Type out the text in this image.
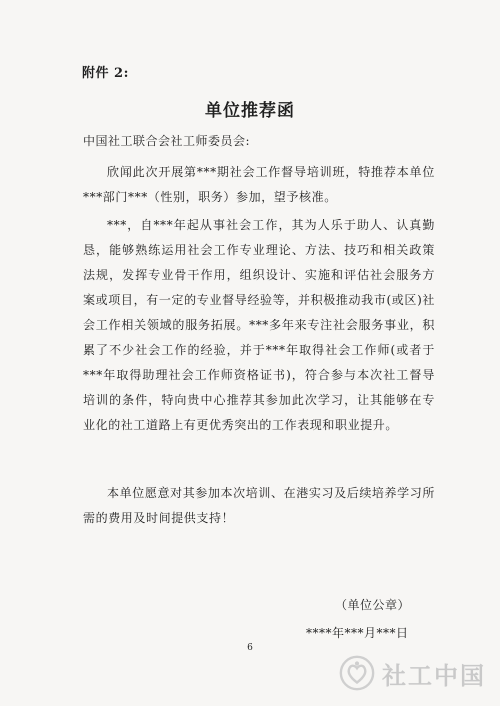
附件 2:
单位推荐函
中国社工联合会社工师委员会:

欣闻此次开展第***期社会工作督导培训班，特推荐本单位***部门***（性别，职务）参加，望予核准。

***，自***年起从事社会工作，其为人乐于助人、认真勤恳，能够熟练运用社会工作专业理论、方法、技巧和相关政策法规，发挥专业骨干作用，组织设计、实施和评估社会服务方案或项目，有一定的专业督导经验等，并积极推动我市(或区)社会工作相关领域的服务拓展。***多年来专注社会服务事业，积累了不少社会工作的经验，并于***年取得社会工作师(或者于***年取得助理社会工作师资格证书)，符合参与本次社工督导培训的条件，特向贵中心推荐其参加此次学习，让其能够在专业化的社工道路上有更优秀突出的工作表现和职业提升。

本单位愿意对其参加本次培训、在港实习及后续培养学习所需的费用及时间提供支持！

（单位公章）
****年***月***日
6
社工中国
